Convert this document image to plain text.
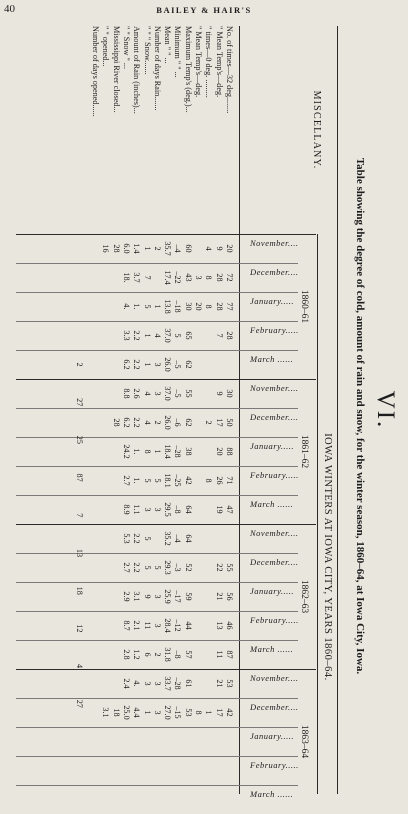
40	BAILEY & HAIR'S
VI.
Table showing the degree of cold, amount of rain and snow, for the winter season, 1860–64, at Iowa City, Iowa.
IOWA WINTERS AT IOWA CITY, YEARS 1860–64.
MISCELLANY.
1860–61
November....
December....
January.....
February.....
March ......
1861–62
November....
December....
January.....
February.....
March ......
1862–63
November....
December....
January.....
February.....
March ......
1863–64
November....
December....
January.....
February.....
March ......
No. of times—32 deg........
20
72
77
28
30
50
88
71
47
55
56
46
87
53
42
" Mean Temp's—deg.
9
28
28
7
9
17
20
26
19
22
21
13
11
21
17
" times—0 deg. .........
4
8
8
2
8
1
" Mean Temp's—deg.
3
20
8
Maximum Temp's (deg.)...
60
43
30
65
62
55
62
38
42
64
64
52
59
44
57
61
53
Minimum " " ...
–4
–22
–18
5
–5
–5
–6
–28
–25
–8
–4
–3
–17
–12
–8
–28
–15
Mean " " ...
35.7
17.4
13.8
37.0
26.0
37.0
26.0
18.4
18.1
29.5
35.2
29.3
25.9
28.4
31.8
33.7
27.0
Number of days Rain.......
2
1
4
3
3
2
1
5
3
5
3
3
2
3
3
" " " Snow.......
1
7
5
1
1
4
4
8
5
3
5
5
9
11
6
3
1
Amount of Rain (inches)...
1.4
3.7
1.
2.2
2.2
2.6
2.2
1.
1.
1.1
2.2
2.2
3.1
2.1
1.2
4.
4.4
" " Snow " ...
6.0
18.
4.
3.3
6.2
8.8
6.2
24.2
2.7
8.9
5.3
2.7
2.9
8.7
2.8
2.4
25.0
Mississippi River closed...
28
28
18
" " opened...
16
3.1
Number of days opened......
2
27
25
87
7
13
18
12
4
27
